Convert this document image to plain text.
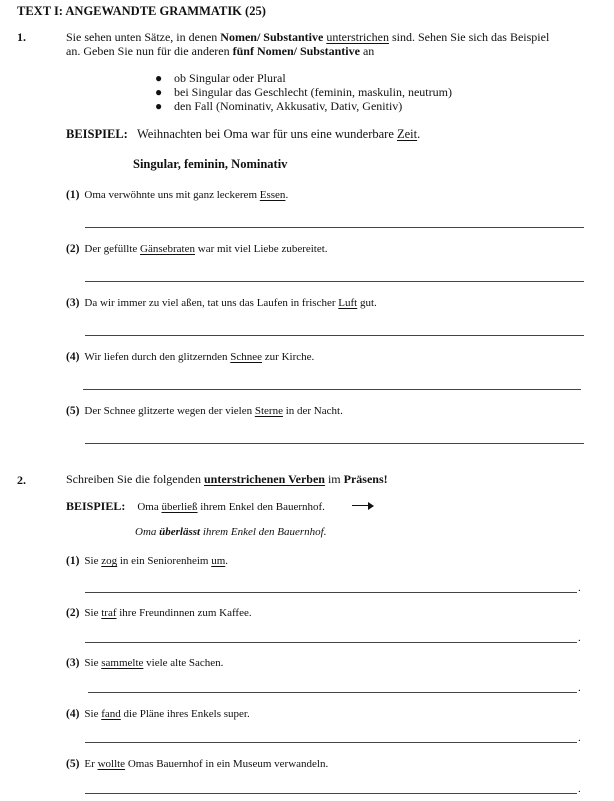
TEXT I: ANGEWANDTE GRAMMATIK (25)
1.	Sie sehen unten Sätze, in denen Nomen/ Substantive unterstrichen sind. Sehen Sie sich das Beispiel
an. Geben Sie nun für die anderen fünf Nomen/ Substantive an
● ob Singular oder Plural
● bei Singular das Geschlecht (feminin, maskulin, neutrum)
● den Fall (Nominativ, Akkusativ, Dativ, Genitiv)
BEISPIEL: Weihnachten bei Oma war für uns eine wunderbare Zeit.
Singular, feminin, Nominativ
(1) Oma verwöhnte uns mit ganz leckerem Essen.
(2) Der gefüllte Gänsebraten war mit viel Liebe zubereitet.
(3) Da wir immer zu viel aßen, tat uns das Laufen in frischer Luft gut.
(4) Wir liefen durch den glitzernden Schnee zur Kirche.
(5) Der Schnee glitzerte wegen der vielen Sterne in der Nacht.
2.	Schreiben Sie die folgenden unterstrichenen Verben im Präsens!
BEISPIEL: Oma überließ ihrem Enkel den Bauernhof.
Oma überlässt ihrem Enkel den Bauernhof.
(1) Sie zog in ein Seniorenheim um.
.
(2) Sie traf ihre Freundinnen zum Kaffee.
.
(3) Sie sammelte viele alte Sachen.
.
(4) Sie fand die Pläne ihres Enkels super.
.
(5) Er wollte Omas Bauernhof in ein Museum verwandeln.
.
